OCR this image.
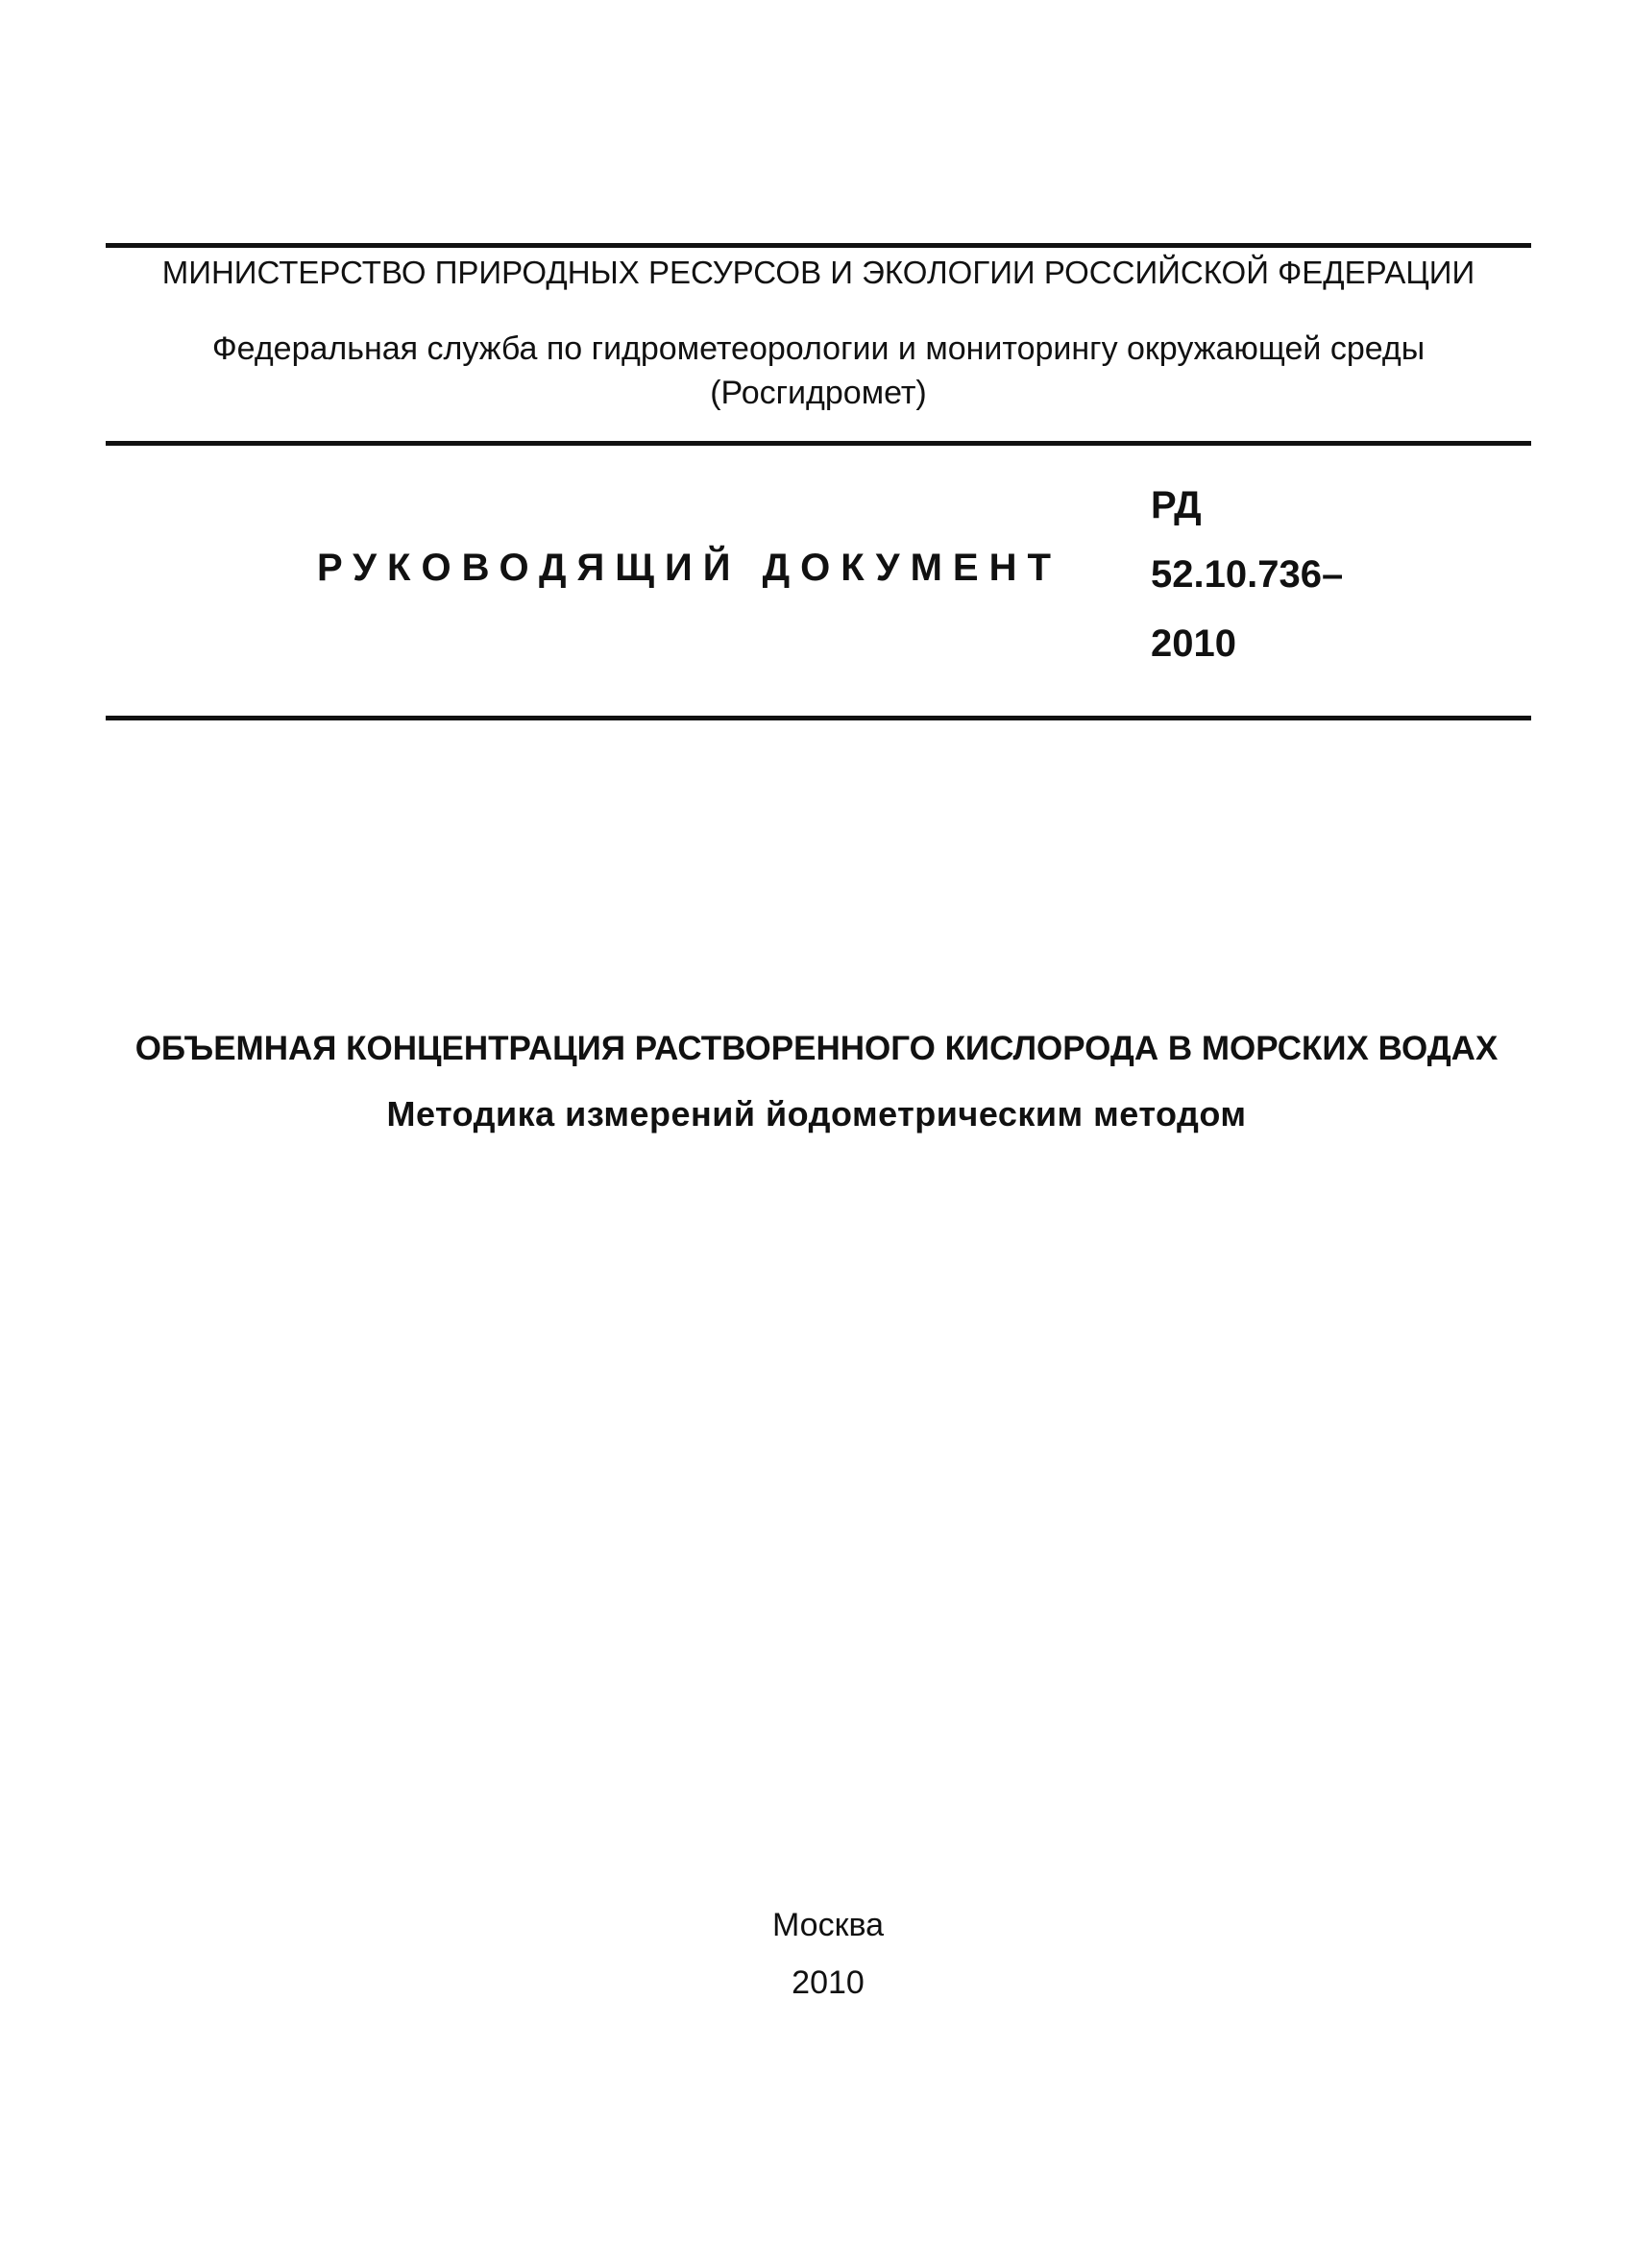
МИНИСТЕРСТВО ПРИРОДНЫХ РЕСУРСОВ И ЭКОЛОГИИ РОССИЙСКОЙ ФЕДЕРАЦИИ
Федеральная служба по гидрометеорологии и мониторингу окружающей среды
(Росгидромет)
РУКОВОДЯЩИЙ ДОКУМЕНТ
РД
52.10.736–
2010
ОБЪЕМНАЯ КОНЦЕНТРАЦИЯ РАСТВОРЕННОГО КИСЛОРОДА В МОРСКИХ ВОДАХ
Методика измерений йодометрическим методом
Москва
2010
